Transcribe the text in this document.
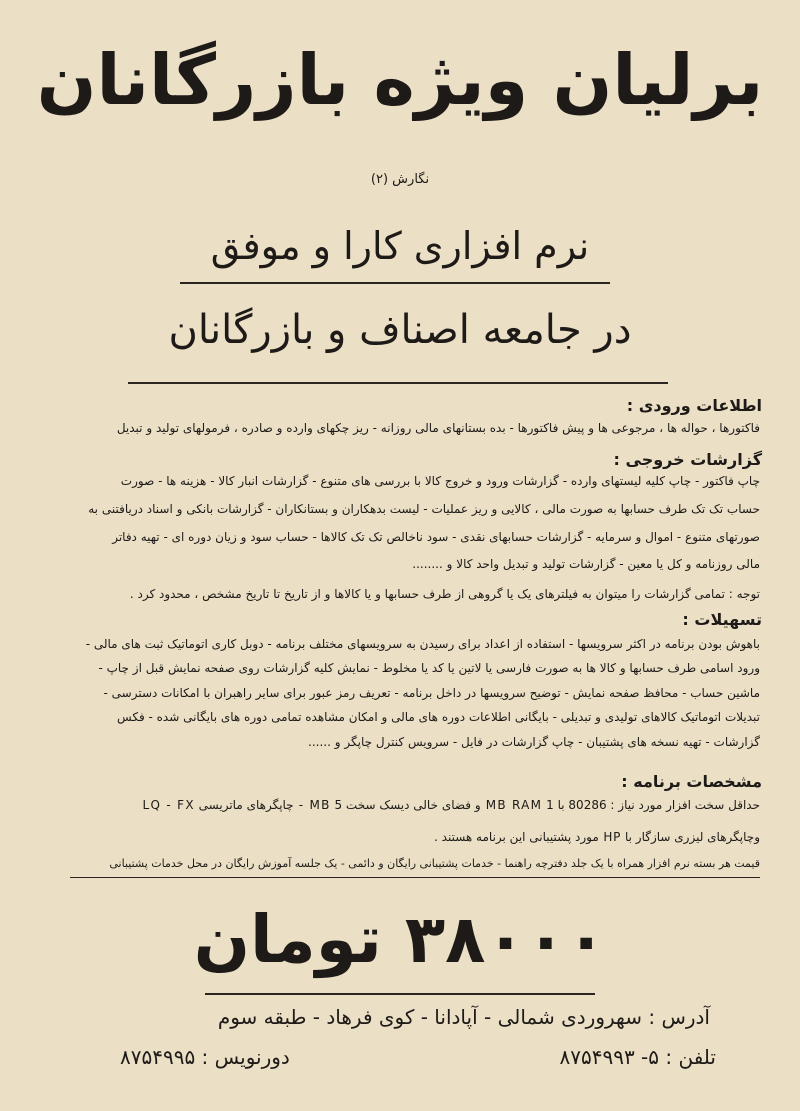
برلیان ویژه بازرگانان
نگارش (۲)
نرم افزاری کارا و موفق
در جامعه اصناف و بازرگانان
اطلاعات ورودی :
فاکتورها ، حواله ها ، مرجوعی ها و پیش فاکتورها - بده بستانهای مالی روزانه - ریز چکهای وارده و صادره ، فرمولهای تولید و تبدیل
گزارشات خروجی :
چاپ فاکتور - چاپ کلیه لیستهای وارده - گزارشات ورود و خروج کالا با بررسی های متنوع - گزارشات انبار کالا - هزینه ها - صورت
حساب تک تک طرف حسابها به صورت مالی ، کالایی و ریز عملیات - لیست بدهکاران و بستانکاران - گزارشات بانکی و اسناد دریافتنی به
صورتهای متنوع - اموال و سرمایه - گزارشات حسابهای نقدی - سود ناخالص تک تک کالاها - حساب سود و زیان دوره ای - تهیه دفاتر
مالی روزنامه و کل یا معین - گزارشات تولید و تبدیل واحد کالا و ........
توجه : تمامی گزارشات را میتوان به فیلترهای یک یا گروهی از طرف حسابها و یا کالاها و از تاریخ تا تاریخ مشخص ، محدود کرد .
تسهیلات :
باهوش بودن برنامه در اکثر سرویسها - استفاده از اعداد برای رسیدن به سرویسهای مختلف برنامه - دوبل کاری اتوماتیک ثبت های مالی -
ورود اسامی طرف حسابها و کالا ها به صورت فارسی یا لاتین یا کد یا مخلوط - نمایش کلیه گزارشات روی صفحه نمایش قبل از چاپ -
ماشین حساب - محافظ صفحه نمایش - توضیح سرویسها در داخل برنامه - تعریف رمز عبور برای سایر راهبران با امکانات دسترسی -
تبدیلات اتوماتیک کالاهای تولیدی و تبدیلی - بایگانی اطلاعات دوره های مالی و امکان مشاهده تمامی دوره های بایگانی شده - فکس
گزارشات - تهیه نسخه های پشتیبان - چاپ گزارشات در فایل - سرویس کنترل چاپگر و ......
مشخصات برنامه :
حداقل سخت افزار مورد نیاز : 80286 با 1 MB RAM و فضای خالی دیسک سخت 5 MB - چاپگرهای ماتریسی LQ - FX
وچاپگرهای لیزری سازگار با HP مورد پشتیبانی این برنامه هستند .
قیمت هر بسته نرم افزار همراه با یک جلد دفترچه راهنما - خدمات پشتیبانی رایگان و دائمی - یک جلسه آموزش رایگان در محل خدمات پشتیبانی
۳۸۰۰۰ تومان
آدرس : سهروردی شمالی - آپادانا - کوی فرهاد - طبقه سوم
تلفن : ۵- ۸۷۵۴۹۹۳
دورنویس : ۸۷۵۴۹۹۵
